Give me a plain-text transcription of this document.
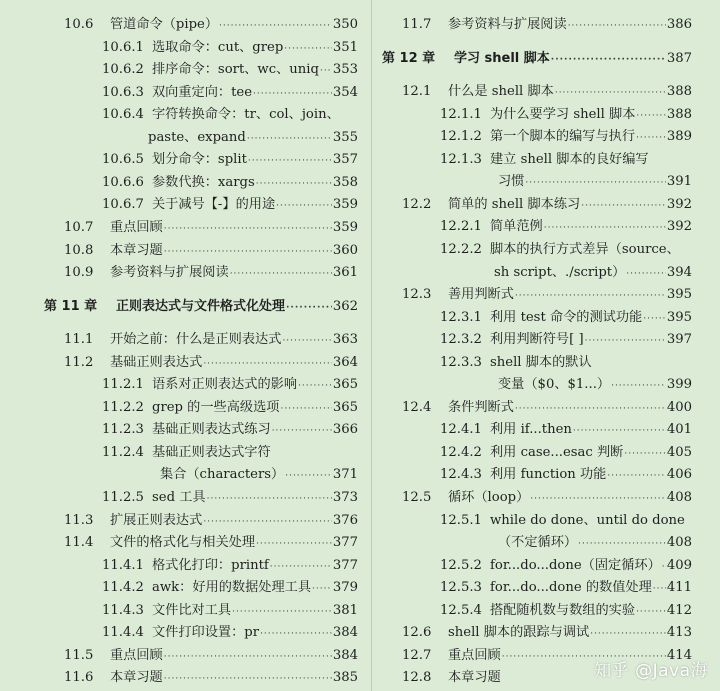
10.6	管道命令（pipe） ·····	350
10.6.1 选取命令：cut、grep ·····	351
10.6.2 排序命令：sort、wc、uniq ····· 353
10.6.3 双向重定向：tee ·····	354
10.6.4 字符转换命令：tr、col、join、
paste、expand ·····	355
10.6.5 划分命令：split ·····	357
10.6.6 参数代换：xargs ·····	358
10.6.7 关于减号【-】的用途 ·····	359
10.7	重点回顾 ·····	359
10.8	本章习题 ·····	360
10.9	参考资料与扩展阅读 ·····	361
第 11 章	正则表达式与文件格式化处理 ·····	362
11.1	开始之前：什么是正则表达式 ·····	363
11.2	基础正则表达式 ·····	364
11.2.1 语系对正则表达式的影响 ·····	365
11.2.2 grep 的一些高级选项 ·····	365
11.2.3 基础正则表达式练习 ·····	366
11.2.4 基础正则表达式字符
集合（characters） ·····	371
11.2.5 sed 工具 ·····	373
11.3	扩展正则表达式 ·····	376
11.4	文件的格式化与相关处理 ·····	377
11.4.1 格式化打印：printf ·····	377
11.4.2 awk：好用的数据处理工具 ····· 379
11.4.3 文件比对工具 ·····	381
11.4.4 文件打印设置：pr ·····	384
11.5	重点回顾 ·····	384
11.6	本章习题 ·····	385
11.7	参考资料与扩展阅读 ·····	386
第 12 章	学习 shell 脚本 ·····	387
12.1	什么是 shell 脚本 ·····	388
12.1.1 为什么要学习 shell 脚本 ····· 388
12.1.2 第一个脚本的编写与执行 ····· 389
12.1.3 建立 shell 脚本的良好编写
习惯 ·····	391
12.2	简单的 shell 脚本练习 ·····	392
12.2.1 简单范例 ·····	392
12.2.2 脚本的执行方式差异（source、
sh script、./script） ·····	394
12.3	善用判断式 ·····	395
12.3.1 利用 test 命令的测试功能 ····· 395
12.3.2 利用判断符号[ ] ·····	397
12.3.3 shell 脚本的默认
变量（$0、$1...） ·····	399
12.4	条件判断式 ·····	400
12.4.1 利用 if...then ·····	401
12.4.2 利用 case...esac 判断 ·····	405
12.4.3 利用 function 功能 ·····	406
12.5	循环（loop） ·····	408
12.5.1 while do done、until do done
（不定循环） ·····	408
12.5.2 for...do...done（固定循环） ····· 409
12.5.3 for...do...done 的数值处理 ····· 411
12.5.4 搭配随机数与数组的实验 ····· 412
12.6	shell 脚本的跟踪与调试 ·····	413
12.7	重点回顾 ·····	414
12.8	本章习题	知乎 @Java海
